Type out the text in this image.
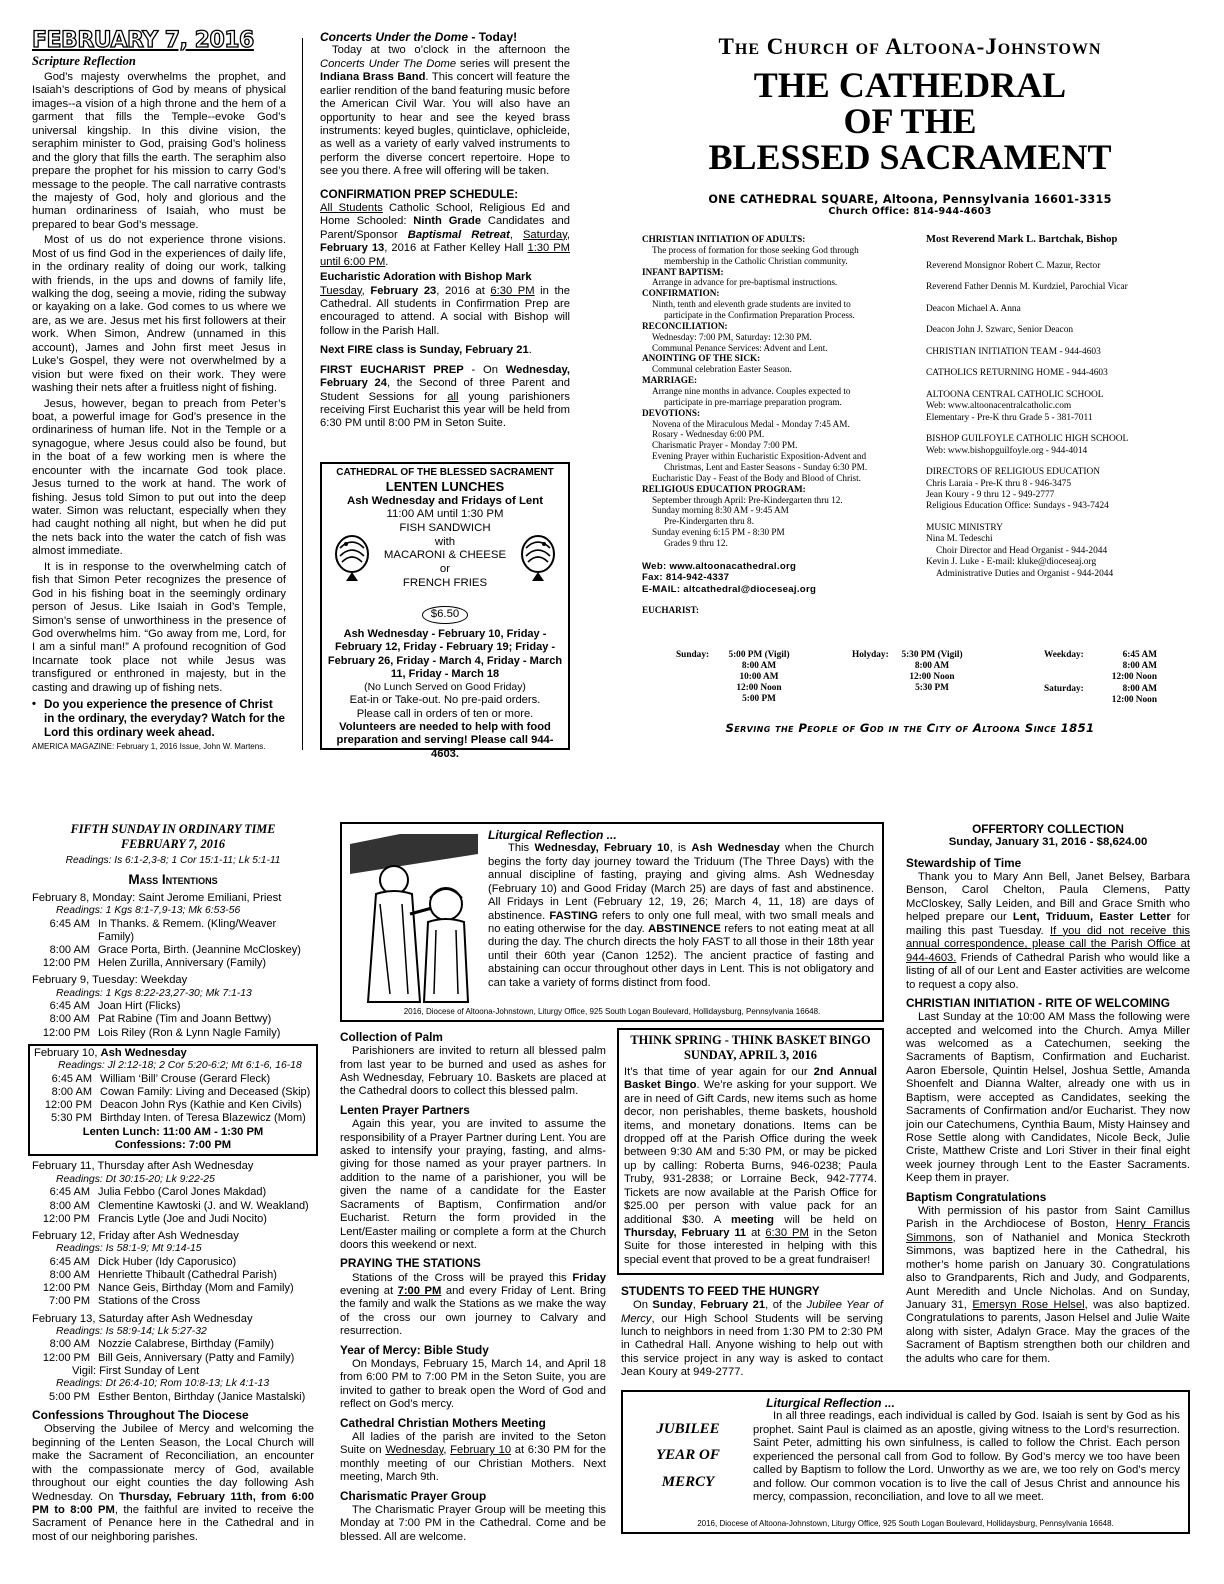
FEBRUARY 7, 2016
Scripture Reflection

God’s majesty overwhelms the prophet, and Isaiah’s descriptions of God by means of physical images--a vision of a high throne and the hem of a garment that fills the Temple--evoke God’s universal kingship. In this divine vision, the seraphim minister to God, praising God’s holiness and the glory that fills the earth. The seraphim also prepare the prophet for his mission to carry God’s message to the people. The call narrative contrasts the majesty of God, holy and glorious and the human ordinariness of Isaiah, who must be prepared to bear God’s message.

Most of us do not experience throne visions. Most of us find God in the experiences of daily life, in the ordinary reality of doing our work, talking with friends, in the ups and downs of family life, walking the dog, seeing a movie, riding the subway or kayaking on a lake. God comes to us where we are, as we are. Jesus met his first followers at their work. When Simon, Andrew (unnamed in this account), James and John first meet Jesus in Luke’s Gospel, they were not overwhelmed by a vision but were fixed on their work. They were washing their nets after a fruitless night of fishing.

Jesus, however, began to preach from Peter’s boat, a powerful image for God’s presence in the ordinariness of human life. Not in the Temple or a synagogue, where Jesus could also be found, but in the boat of a few working men is where the encounter with the incarnate God took place. Jesus turned to the work at hand. The work of fishing. Jesus told Simon to put out into the deep water. Simon was reluctant, especially when they had caught nothing all night, but when he did put the nets back into the water the catch of fish was almost immediate.

It is in response to the overwhelming catch of fish that Simon Peter recognizes the presence of God in his fishing boat in the seemingly ordinary person of Jesus. Like Isaiah in God’s Temple, Simon’s sense of unworthiness in the presence of God overwhelms him. “Go away from me, Lord, for I am a sinful man!” A profound recognition of God Incarnate took place not while Jesus was transfigured or enthroned in majesty, but in the casting and drawing up of fishing nets.

• Do you experience the presence of Christ in the ordinary, the everyday? Watch for the Lord this ordinary week ahead.
AMERICA MAGAZINE: February 1, 2016 Issue, John W. Martens.
Concerts Under the Dome - Today!

Today at two o’clock in the afternoon the Concerts Under The Dome series will present the Indiana Brass Band. This concert will feature the earlier rendition of the band featuring music before the American Civil War. You will also have an opportunity to hear and see the keyed brass instruments: keyed bugles, quinticlave, ophicleide, as well as a variety of early valved instruments to perform the diverse concert repertoire. Hope to see you there. A free will offering will be taken.

CONFIRMATION PREP SCHEDULE:

All Students Catholic School, Religious Ed and Home Schooled: Ninth Grade Candidates and Parent/Sponsor Baptismal Retreat, Saturday, February 13, 2016 at Father Kelley Hall 1:30 PM until 6:00 PM.

Eucharistic Adoration with Bishop Mark

Tuesday, February 23, 2016 at 6:30 PM in the Cathedral. All students in Confirmation Prep are encouraged to attend. A social with Bishop will follow in the Parish Hall.

Next FIRE class is Sunday, February 21.

FIRST EUCHARIST PREP - On Wednesday, February 24, the Second of three Parent and Student Sessions for all young parishioners receiving First Eucharist this year will be held from 6:30 PM until 8:00 PM in Seton Suite.

CATHEDRAL OF THE BLESSED SACRAMENT
LENTEN LUNCHES
Ash Wednesday and Fridays of Lent
11:00 AM until 1:30 PM
FISH SANDWICH
with
MACARONI & CHEESE
or
FRENCH FRIES
$6.50
Ash Wednesday - February 10, Friday - February 12, Friday - February 19; Friday - February 26, Friday - March 4, Friday - March 11, Friday - March 18
(No Lunch Served on Good Friday)
Eat-in or Take-out. No pre-paid orders.
Please call in orders of ten or more.
Volunteers are needed to help with food preparation and serving! Please call 944-4603.
The Church of Altoona-Johnstown
THE CATHEDRAL
OF THE
BLESSED SACRAMENT
ONE CATHEDRAL SQUARE, Altoona, Pennsylvania 16601-3315
Church Office: 814-944-4603
CHRISTIAN INITIATION OF ADULTS:
The process of formation for those seeking God through
membership in the Catholic Christian community.
INFANT BAPTISM:
Arrange in advance for pre-baptismal instructions.
CONFIRMATION:
Ninth, tenth and eleventh grade students are invited to
participate in the Confirmation Preparation Process.
RECONCILIATION:
Wednesday: 7:00 PM, Saturday: 12:30 PM.
Communal Penance Services: Advent and Lent.
ANOINTING OF THE SICK:
Communal celebration Easter Season.
MARRIAGE:
Arrange nine months in advance. Couples expected to
participate in pre-marriage preparation program.
DEVOTIONS:
Novena of the Miraculous Medal - Monday 7:45 AM.
Rosary - Wednesday 6:00 PM.
Charismatic Prayer - Monday 7:00 PM.
Evening Prayer within Eucharistic Exposition-Advent and
Christmas, Lent and Easter Seasons - Sunday 6:30 PM.
Eucharistic Day - Feast of the Body and Blood of Christ.
RELIGIOUS EDUCATION PROGRAM:
September through April: Pre-Kindergarten thru 12.
Sunday morning 8:30 AM - 9:45 AM
Pre-Kindergarten thru 8.
Sunday evening 6:15 PM - 8:30 PM
Grades 9 thru 12.
Web: www.altoonacathedral.org
Fax: 814-942-4337
E-MAIL: altcathedral@dioceseaj.org
EUCHARIST:
Sunday:	5:00 PM (Vigil)
8:00 AM
10:00 AM
12:00 Noon
5:00 PM
Holyday:	5:30 PM (Vigil)
8:00 AM
12:00 Noon
5:30 PM
Weekday:	6:45 AM
8:00 AM
12:00 Noon
Saturday:	8:00 AM
12:00 Noon

Most Reverend Mark L. Bartchak, Bishop

Reverend Monsignor Robert C. Mazur, Rector

Reverend Father Dennis M. Kurdziel, Parochial Vicar

Deacon Michael A. Anna

Deacon John J. Szwarc, Senior Deacon

CHRISTIAN INITIATION TEAM - 944-4603

CATHOLICS RETURNING HOME - 944-4603

ALTOONA CENTRAL CATHOLIC SCHOOL
Web: www.altoonacentralcatholic.com

Elementary - Pre-K thru Grade 5 - 381-7011

BISHOP GUILFOYLE CATHOLIC HIGH SCHOOL

Web: www.bishopguilfoyle.org - 944-4014

DIRECTORS OF RELIGIOUS EDUCATION
Chris Laraia - Pre-K thru 8 - 946-3475
Jean Koury - 9 thru 12 - 949-2777

Religious Education Office: Sundays - 943-7424

MUSIC MINISTRY
Nina M. Tedeschi
Choir Director and Head Organist - 944-2044
Kevin J. Luke - E-mail: kluke@dioceseaj.org
Administrative Duties and Organist - 944-2044
Serving the People of God in the City of Altoona Since 1851
FIFTH SUNDAY IN ORDINARY TIME
FEBRUARY 7, 2016
Readings: Is 6:1-2,3-8; 1 Cor 15:1-11; Lk 5:1-11
Mass Intentions
February 8, Monday: Saint Jerome Emiliani, Priest
Readings: 1 Kgs 8:1-7,9-13; Mk 6:53-56
6:45 AM In Thanks. & Remem. (Kling/Weaver Family)
8:00 AM Grace Porta, Birth. (Jeannine McCloskey)
12:00 PM Helen Zurilla, Anniversary (Family)
February 9, Tuesday: Weekday
Readings: 1 Kgs 8:22-23,27-30; Mk 7:1-13
6:45 AM Joan Hirt (Flicks)
8:00 AM Pat Rabine (Tim and Joann Bettwy)
12:00 PM Lois Riley (Ron & Lynn Nagle Family)
February 10, Ash Wednesday
Readings: Jl 2:12-18; 2 Cor 5:20-6:2; Mt 6:1-6, 16-18
6:45 AM William ‘Bill’ Crouse (Gerard Fleck)
8:00 AM Cowan Family: Living and Deceased (Skip)
12:00 PM Deacon John Rys (Kathie and Ken Civils)
5:30 PM Birthday Inten. of Teresa Blazewicz (Mom)
Lenten Lunch: 11:00 AM - 1:30 PM
Confessions: 7:00 PM
February 11, Thursday after Ash Wednesday
Readings: Dt 30:15-20; Lk 9:22-25
6:45 AM Julia Febbo (Carol Jones Makdad)
8:00 AM Clementine Kawtoski (J. and W. Weakland)
12:00 PM Francis Lytle (Joe and Judi Nocito)
February 12, Friday after Ash Wednesday
Readings: Is 58:1-9; Mt 9:14-15
6:45 AM Dick Huber (Idy Caporusico)
8:00 AM Henriette Thibault (Cathedral Parish)
12:00 PM Nance Geis, Birthday (Mom and Family)
7:00 PM Stations of the Cross
February 13, Saturday after Ash Wednesday
Readings: Is 58:9-14; Lk 5:27-32
8:00 AM Nozzie Calabrese, Birthday (Family)
12:00 PM Bill Geis, Anniversary (Patty and Family)
Vigil: First Sunday of Lent
Readings: Dt 26:4-10; Rom 10:8-13; Lk 4:1-13
5:00 PM Esther Benton, Birthday (Janice Mastalski)
Confessions Throughout The Diocese

Observing the Jubilee of Mercy and welcoming the beginning of the Lenten Season, the Local Church will make the Sacrament of Reconciliation, an encounter with the compassionate mercy of God, available throughout our eight counties the day following Ash Wednesday. On Thursday, February 11th, from 6:00 PM to 8:00 PM, the faithful are invited to receive the Sacrament of Penance here in the Cathedral and in most of our neighboring parishes.

Liturgical Reflection ...

This Wednesday, February 10, is Ash Wednesday when the Church begins the forty day journey toward the Triduum (The Three Days) with the annual discipline of fasting, praying and giving alms. Ash Wednesday (February 10) and Good Friday (March 25) are days of fast and abstinence. All Fridays in Lent (February 12, 19, 26; March 4, 11, 18) are days of abstinence. FASTING refers to only one full meal, with two small meals and no eating otherwise for the day. ABSTINENCE refers to not eating meat at all during the day. The church directs the holy FAST to all those in their 18th year until their 60th year (Canon 1252). The ancient practice of fasting and abstaining can occur throughout other days in Lent. This is not obligatory and can take a variety of forms distinct from food.

2016, Diocese of Altoona-Johnstown, Liturgy Office, 925 South Logan Boulevard, Hollidaysburg, Pennsylvania 16648.
Collection of Palm

Parishioners are invited to return all blessed palm from last year to be burned and used as ashes for Ash Wednesday, February 10. Baskets are placed at the Cathedral doors to collect this blessed palm.

Lenten Prayer Partners

Again this year, you are invited to assume the responsibility of a Prayer Partner during Lent. You are asked to intensify your praying, fasting, and alms-giving for those named as your prayer partners. In addition to the name of a parishioner, you will be given the name of a candidate for the Easter Sacraments of Baptism, Confirmation and/or Eucharist. Return the form provided in the Lent/Easter mailing or complete a form at the Church doors this weekend or next.

PRAYING THE STATIONS

Stations of the Cross will be prayed this Friday evening at 7:00 PM and every Friday of Lent. Bring the family and walk the Stations as we make the way of the cross our own journey to Calvary and resurrection.

Year of Mercy: Bible Study

On Mondays, February 15, March 14, and April 18 from 6:00 PM to 7:00 PM in the Seton Suite, you are invited to gather to break open the Word of God and reflect on God’s mercy.

Cathedral Christian Mothers Meeting

All ladies of the parish are invited to the Seton Suite on Wednesday, February 10 at 6:30 PM for the monthly meeting of our Christian Mothers. Next meeting, March 9th.

Charismatic Prayer Group

The Charismatic Prayer Group will be meeting this Monday at 7:00 PM in the Cathedral. Come and be blessed. All are welcome.

THINK SPRING - THINK BASKET BINGO
SUNDAY, APRIL 3, 2016

It’s that time of year again for our 2nd Annual Basket Bingo. We’re asking for your support. We are in need of Gift Cards, new items such as home decor, non perishables, theme baskets, houshold items, and monetary donations. Items can be dropped off at the Parish Office during the week between 9:30 AM and 5:30 PM, or may be picked up by calling: Roberta Burns, 946-0238; Paula Truby, 931-2838; or Lorraine Beck, 942-7774. Tickets are now available at the Parish Office for $25.00 per person with value pack for an additional $30. A meeting will be held on Thursday, February 11 at 6:30 PM in the Seton Suite for those interested in helping with this special event that proved to be a great fundraiser!

STUDENTS TO FEED THE HUNGRY

On Sunday, February 21, of the Jubilee Year of Mercy, our High School Students will be serving lunch to neighbors in need from 1:30 PM to 2:30 PM in Cathedral Hall. Anyone wishing to help out with this service project in any way is asked to contact Jean Koury at 949-2777.

OFFERTORY COLLECTION
Sunday, January 31, 2016 - $8,624.00
Stewardship of Time

Thank you to Mary Ann Bell, Janet Belsey, Barbara Benson, Carol Chelton, Paula Clemens, Patty McCloskey, Sally Leiden, and Bill and Grace Smith who helped prepare our Lent, Triduum, Easter Letter for mailing this past Tuesday. If you did not receive this annual correspondence, please call the Parish Office at 944-4603. Friends of Cathedral Parish who would like a listing of all of our Lent and Easter activities are welcome to request a copy also.

CHRISTIAN INITIATION - RITE OF WELCOMING

Last Sunday at the 10:00 AM Mass the following were accepted and welcomed into the Church. Amya Miller was welcomed as a Catechumen, seeking the Sacraments of Baptism, Confirmation and Eucharist. Aaron Ebersole, Quintin Helsel, Joshua Settle, Amanda Shoenfelt and Dianna Walter, already one with us in Baptism, were accepted as Candidates, seeking the Sacraments of Confirmation and/or Eucharist. They now join our Catechumens, Cynthia Baum, Misty Hainsey and Rose Settle along with Candidates, Nicole Beck, Julie Criste, Matthew Criste and Lori Stiver in their final eight week journey through Lent to the Easter Sacraments. Keep them in prayer.

Baptism Congratulations

With permission of his pastor from Saint Camillus Parish in the Archdiocese of Boston, Henry Francis Simmons, son of Nathaniel and Monica Steckroth Simmons, was baptized here in the Cathedral, his mother’s home parish on January 30. Congratulations also to Grandparents, Rich and Judy, and Godparents, Aunt Meredith and Uncle Nicholas. And on Sunday, January 31, Emersyn Rose Helsel, was also baptized. Congratulations to parents, Jason Helsel and Julie Waite along with sister, Adalyn Grace. May the graces of the Sacrament of Baptism strengthen both our children and the adults who care for them.

Liturgical Reflection ...
JUBILEE
YEAR OF
MERCY

In all three readings, each individual is called by God. Isaiah is sent by God as his prophet. Saint Paul is claimed as an apostle, giving witness to the Lord’s resurrection. Saint Peter, admitting his own sinfulness, is called to follow the Christ. Each person experienced the personal call from God to follow. By God’s mercy we too have been called by Baptism to follow the Lord. Unworthy as we are, we too rely on God’s mercy and follow. Our common vocation is to live the call of Jesus Christ and announce his mercy, compassion, reconciliation, and love to all we meet.

2016, Diocese of Altoona-Johnstown, Liturgy Office, 925 South Logan Boulevard, Hollidaysburg, Pennsylvania 16648.
